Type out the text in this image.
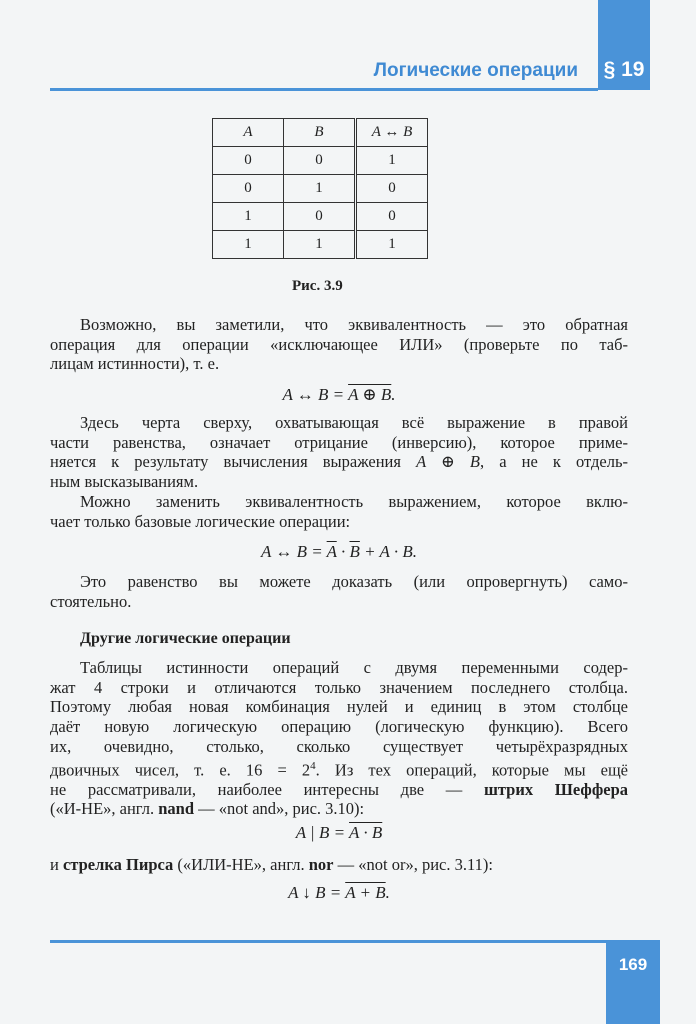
§ 19
Логические операции
A	B	A ↔ B
0	0	1
0	1	0
1	0	0
1	1	1
Рис. 3.9
Возможно, вы заметили, что эквивалентность — это обратная
операция для операции «исключающее ИЛИ» (проверьте по таб-
лицам истинности), т. е.
A ↔ B = A ⊕ B.
Здесь черта сверху, охватывающая всё выражение в правой
части равенства, означает отрицание (инверсию), которое приме-
няется к результату вычисления выражения A ⊕ B, а не к отдель-
ным высказываниям.
Можно заменить эквивалентность выражением, которое вклю-
чает только базовые логические операции:
A ↔ $B = \overline{A} \cdot \overline{B} + A \cdot B$.
Это равенство вы можете доказать (или опровергнуть) само-
стоятельно.
Другие логические операции
Таблицы истинности операций с двумя переменными содер-
жат 4 строки и отличаются только значением последнего столбца.
Поэтому любая новая комбинация нулей и единиц в этом столбце
даёт новую логическую операцию (логическую функцию). Всего
их, очевидно, столько, сколько существует четырёхразрядных
двоичных чисел, т. е. $16 = 2^4$. Из тех операций, которые мы ещё
не рассматривали, наиболее интересны две — штрих Шеффера
(«И-НЕ», англ. nand — «not and», рис. 3.10):
A | B = A · B
и стрелка Пирса («ИЛИ-НЕ», англ. nor — «not or», рис. 3.11):
A ↓ B = A + B.
169
